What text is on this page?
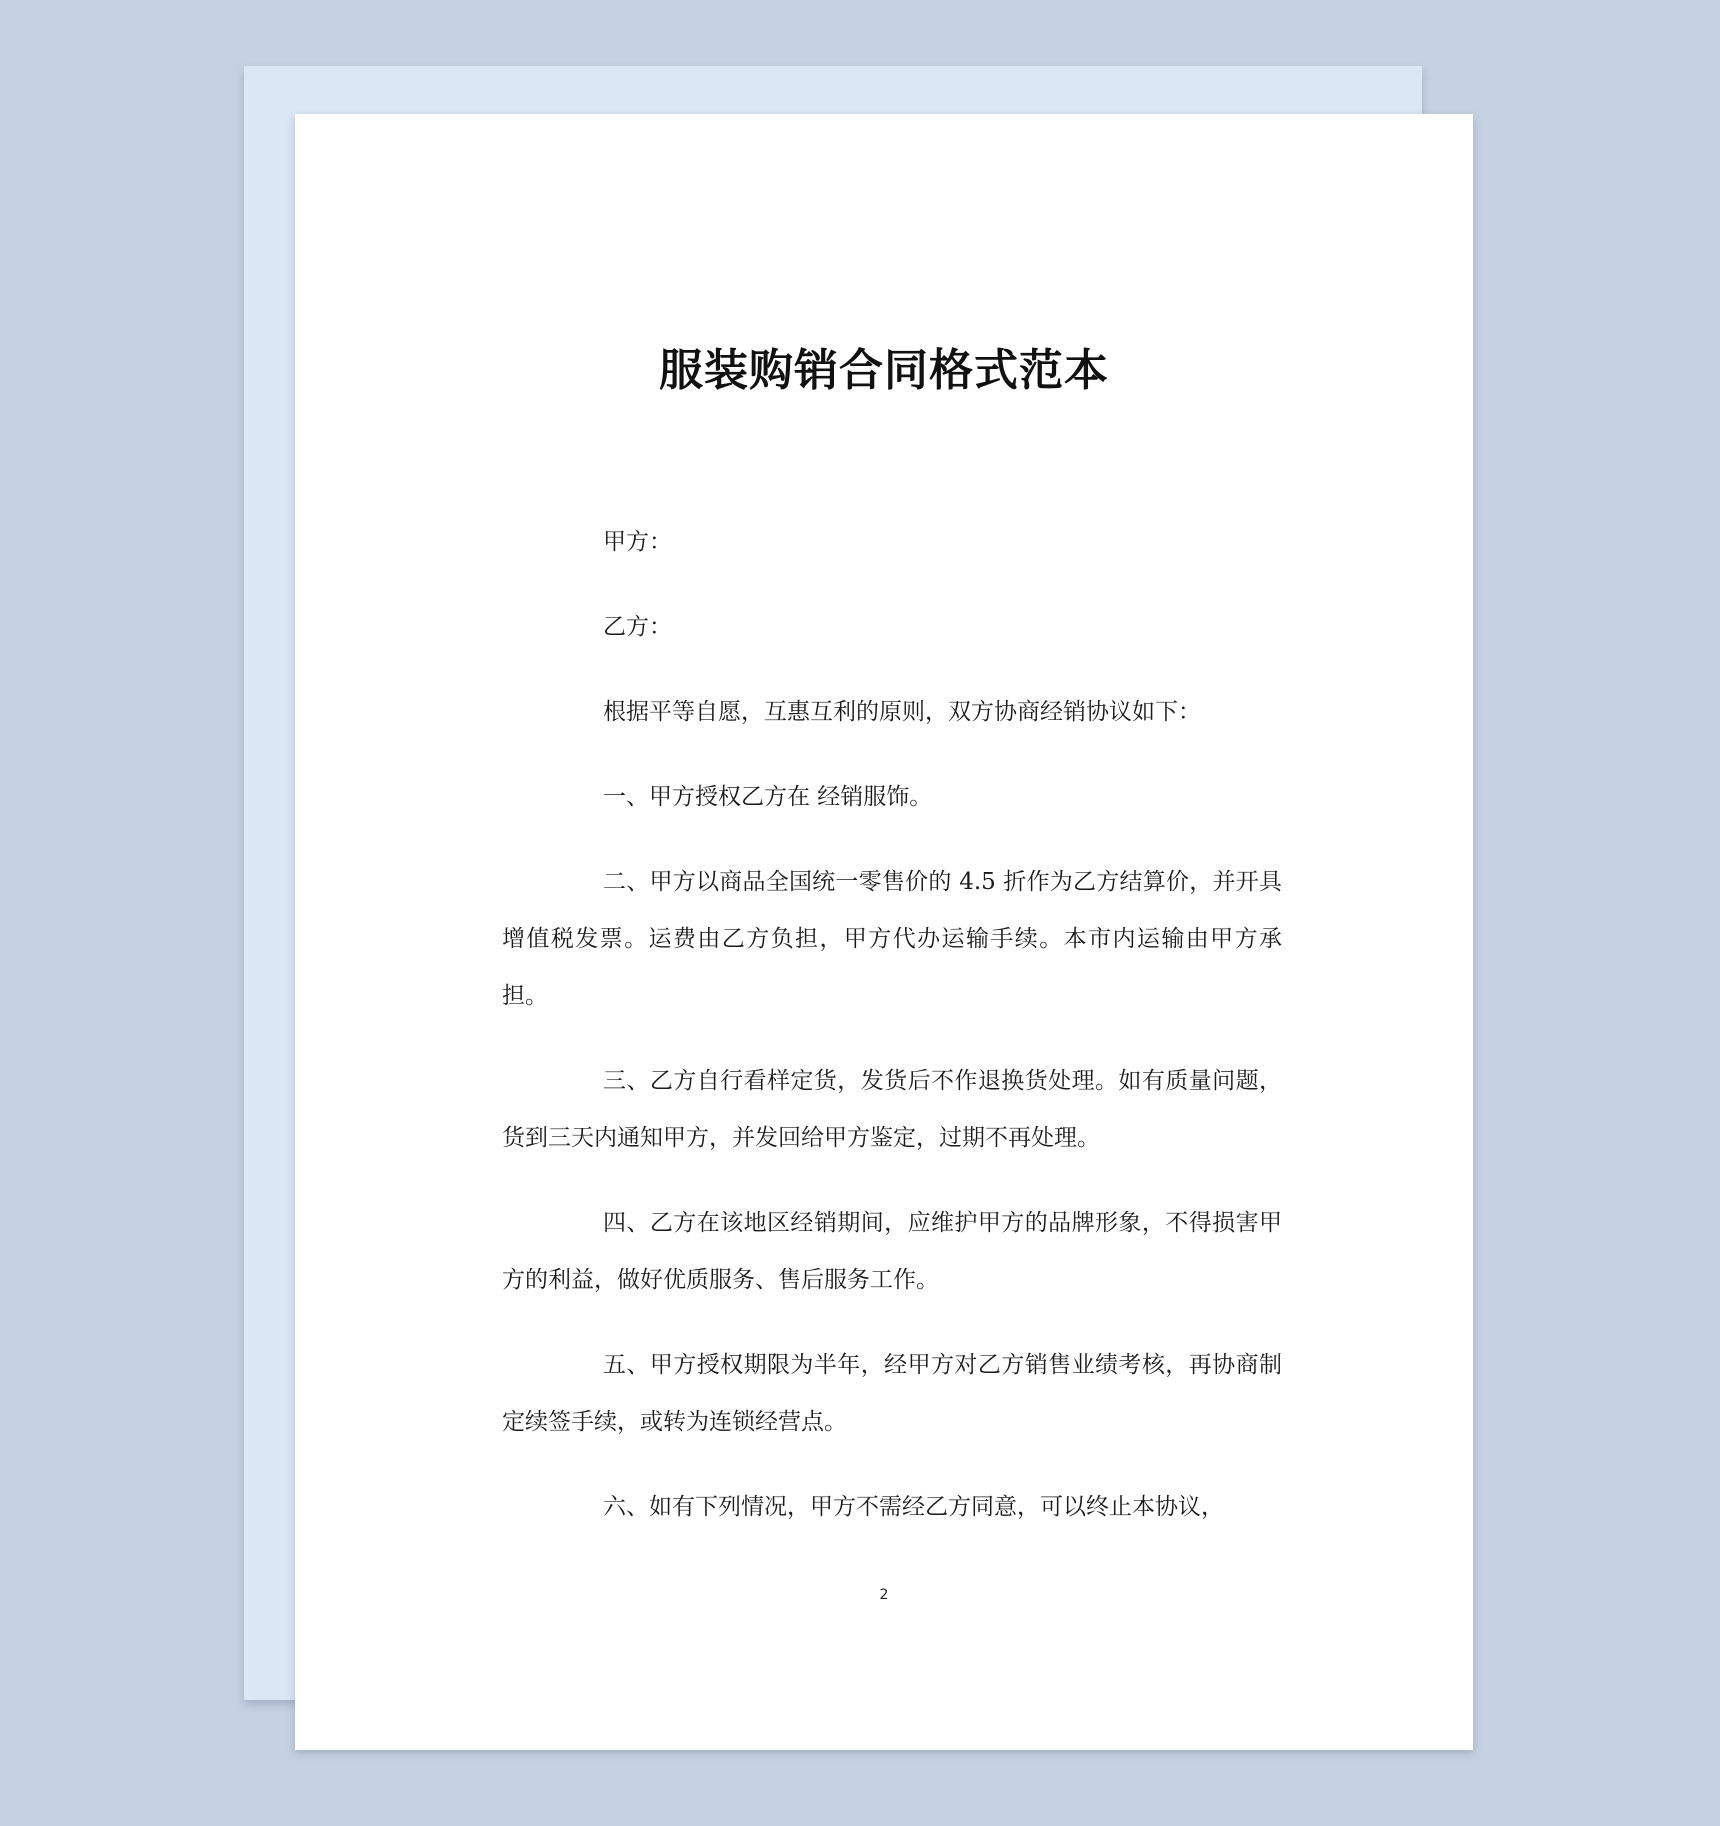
服装购销合同格式范本

甲方：

乙方：

根据平等自愿，互惠互利的原则，双方协商经销协议如下：

一、甲方授权乙方在 经销服饰。

二、甲方以商品全国统一零售价的 4.5 折作为乙方结算价，并开具增值税发票。运费由乙方负担，甲方代办运输手续。本市内运输由甲方承担。

三、乙方自行看样定货，发货后不作退换货处理。如有质量问题，货到三天内通知甲方，并发回给甲方鉴定，过期不再处理。

四、乙方在该地区经销期间，应维护甲方的品牌形象，不得损害甲方的利益，做好优质服务、售后服务工作。

五、甲方授权期限为半年，经甲方对乙方销售业绩考核，再协商制定续签手续，或转为连锁经营点。

六、如有下列情况，甲方不需经乙方同意，可以终止本协议，

2
